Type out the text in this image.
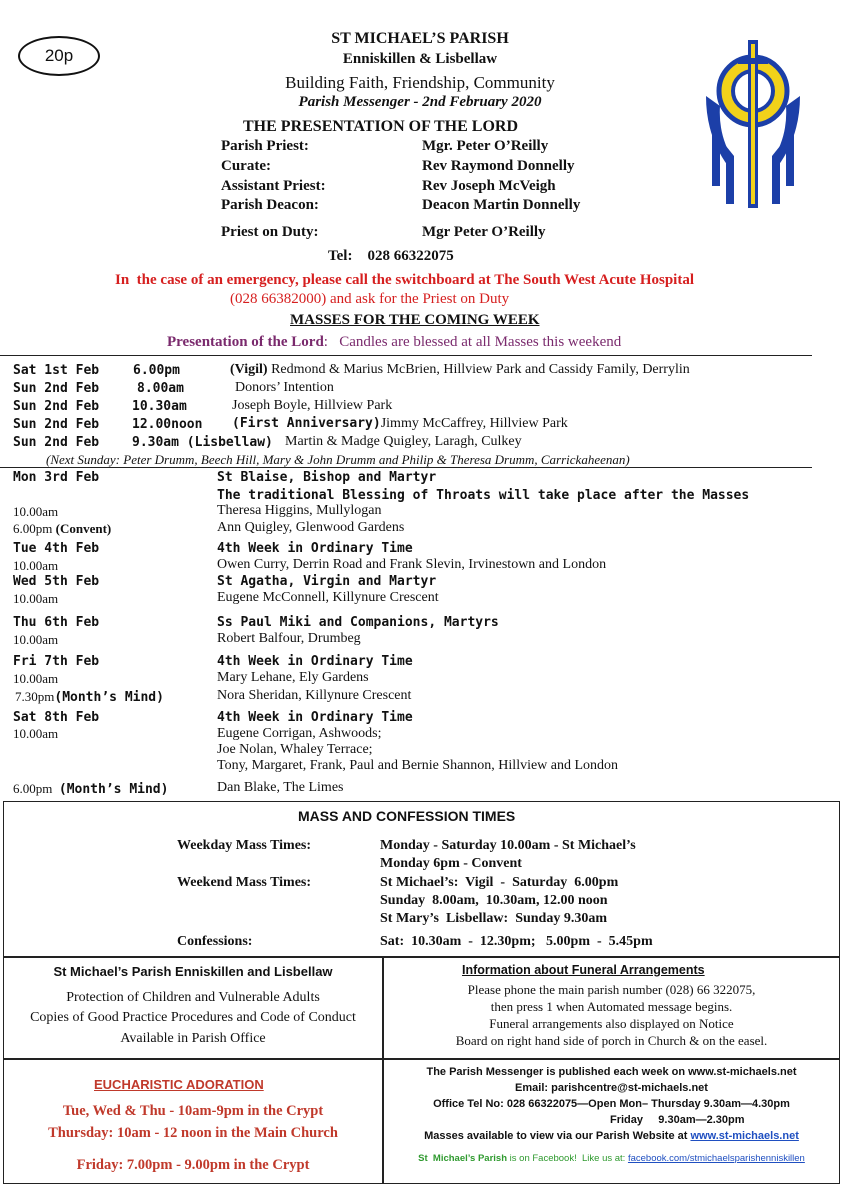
20p
ST MICHAEL’S PARISH
Enniskillen & Lisbellaw
Building Faith, Friendship, Community
Parish Messenger - 2nd February 2020
THE PRESENTATION OF THE LORD
Parish Priest:	Mgr. Peter O’Reilly
Curate:	Rev Raymond Donnelly
Assistant Priest:	Rev Joseph McVeigh
Parish Deacon:	Deacon Martin Donnelly
Priest on Duty:	Mgr Peter O’Reilly
Tel:    028 66322075
In  the case of an emergency, please call the switchboard at The South West Acute Hospital
(028 66382000) and ask for the Priest on Duty
MASSES FOR THE COMING WEEK
Presentation of the Lord: Candles are blessed at all Masses this weekend
Sat 1st Feb	6.00pm	(Vigil) Redmond & Marius McBrien, Hillview Park and Cassidy Family, Derrylin
Sun 2nd Feb	8.00am	Donors’ Intention
Sun 2nd Feb	10.30am	Joseph Boyle, Hillview Park
Sun 2nd Feb	12.00noon (First Anniversary)Jimmy McCaffrey, Hillview Park
Sun 2nd Feb	9.30am (Lisbellaw) Martin & Madge Quigley, Laragh, Culkey
(Next Sunday: Peter Drumm, Beech Hill, Mary & John Drumm and Philip & Theresa Drumm, Carrickaheenan)
Mon 3rd Feb	St Blaise, Bishop and Martyr
The traditional Blessing of Throats will take place after the Masses
10.00am	Theresa Higgins, Mullylogan
6.00pm (Convent)	Ann Quigley, Glenwood Gardens
Tue 4th Feb	4th Week in Ordinary Time
10.00am	Owen Curry, Derrin Road and Frank Slevin, Irvinestown and London
Wed 5th Feb	St Agatha, Virgin and Martyr
10.00am	Eugene McConnell, Killynure Crescent
Thu 6th Feb	Ss Paul Miki and Companions, Martyrs
10.00am	Robert Balfour, Drumbeg
Fri 7th Feb	4th Week in Ordinary Time
10.00am	Mary Lehane, Ely Gardens
7.30pm(Month’s Mind)	Nora Sheridan, Killynure Crescent
Sat 8th Feb	4th Week in Ordinary Time
10.00am	Eugene Corrigan, Ashwoods;
Joe Nolan, Whaley Terrace;
Tony, Margaret, Frank, Paul and Bernie Shannon, Hillview and London
6.00pm (Month’s Mind)	Dan Blake, The Limes
MASS AND CONFESSION TIMES
Weekday Mass Times:	Monday - Saturday 10.00am - St Michael’s
Monday 6pm - Convent
Weekend Mass Times:	St Michael’s:  Vigil  -  Saturday  6.00pm
Sunday  8.00am,  10.30am, 12.00 noon
St Mary’s  Lisbellaw:  Sunday 9.30am
Confessions:	Sat:  10.30am  -  12.30pm;   5.00pm  -  5.45pm
St Michael’s Parish Enniskillen and Lisbellaw
Protection of Children and Vulnerable Adults
Copies of Good Practice Procedures and Code of Conduct
Available in Parish Office
Information about Funeral Arrangements
Please phone the main parish number (028) 66 322075,
then press 1 when Automated message begins.
Funeral arrangements also displayed on Notice
Board on right hand side of porch in Church & on the easel.
EUCHARISTIC ADORATION
Tue, Wed & Thu - 10am-9pm in the Crypt
Thursday: 10am - 12 noon in the Main Church
Friday: 7.00pm - 9.00pm in the Crypt
The Parish Messenger is published each week on www.st-michaels.net
Email: parishcentre@st-michaels.net
Office Tel No: 028 66322075—Open Mon– Thursday 9.30am—4.30pm
Friday     9.30am—2.30pm
Masses available to view via our Parish Website at www.st-michaels.net
St  Michael’s Parish is on Facebook!  Like us at: facebook.com/stmichaelsparishenniskillen
